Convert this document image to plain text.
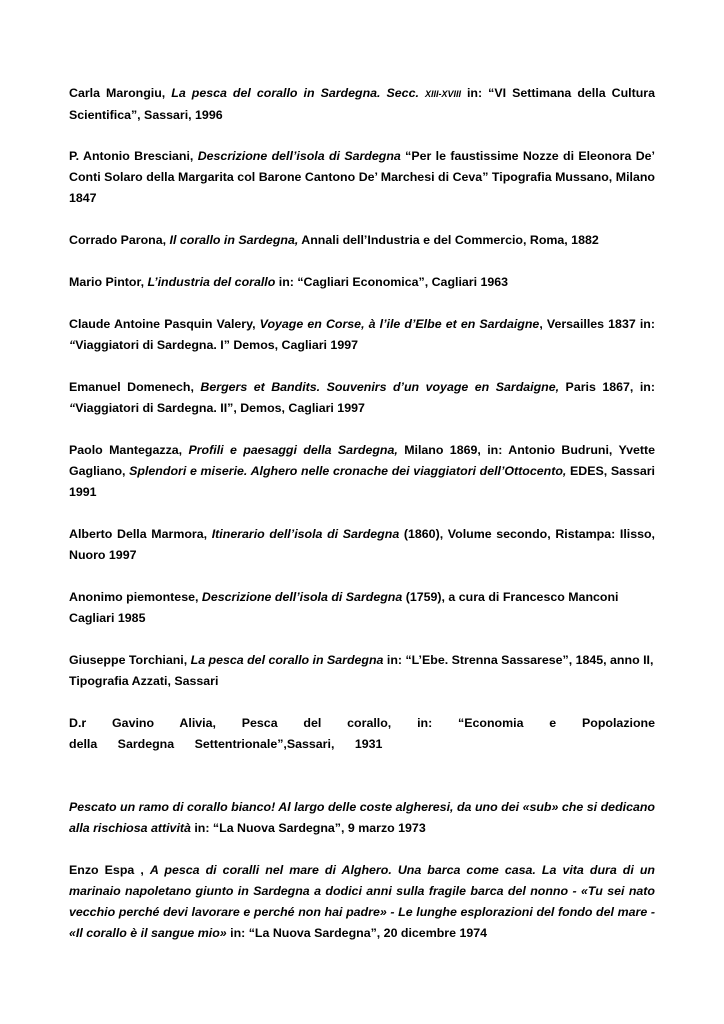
Carla Marongiu, La pesca del corallo in Sardegna. Secc. XIII-XVIII in: “VI Settimana della Cultura Scientifica”, Sassari, 1996
P. Antonio Bresciani, Descrizione dell’isola di Sardegna “Per le faustissime Nozze di Eleonora De’ Conti Solaro della Margarita col Barone Cantono De’ Marchesi di Ceva” Tipografia Mussano, Milano 1847
Corrado Parona, Il corallo in Sardegna, Annali dell’Industria e del Commercio, Roma, 1882
Mario Pintor, L’industria del corallo in: “Cagliari Economica”, Cagliari 1963
Claude Antoine Pasquin Valery, Voyage en Corse, à l’ile d’Elbe et en Sardaigne, Versailles 1837 in: “Viaggiatori di Sardegna. I” Demos, Cagliari 1997
Emanuel Domenech, Bergers et Bandits. Souvenirs d’un voyage en Sardaigne, Paris 1867, in: “Viaggiatori di Sardegna. II”, Demos, Cagliari 1997
Paolo Mantegazza, Profili e paesaggi della Sardegna, Milano 1869, in: Antonio Budruni, Yvette Gagliano, Splendori e miserie. Alghero nelle cronache dei viaggiatori dell’Ottocento, EDES, Sassari 1991
Alberto Della Marmora, Itinerario dell’isola di Sardegna (1860), Volume secondo, Ristampa: Ilisso, Nuoro 1997
Anonimo piemontese, Descrizione dell’isola di Sardegna (1759), a cura di Francesco Manconi
Cagliari 1985
Giuseppe Torchiani, La pesca del corallo in Sardegna in: “L’Ebe. Strenna Sassarese”, 1845, anno II,
Tipografia Azzati, Sassari
D.r Gavino Alivia, Pesca del corallo, in: “Economia e Popolazione della Sardegna Settentrionale”,Sassari, 1931
Pescato un ramo di corallo bianco! Al largo delle coste algheresi, da uno dei «sub» che si dedicano alla rischiosa attività in: “La Nuova Sardegna”, 9 marzo 1973
Enzo Espa , A pesca di coralli nel mare di Alghero. Una barca come casa. La vita dura di un marinaio napoletano giunto in Sardegna a dodici anni sulla fragile barca del nonno - «Tu sei nato vecchio perché devi lavorare e perché non hai padre» - Le lunghe esplorazioni del fondo del mare - «Il corallo è il sangue mio» in: “La Nuova Sardegna”, 20 dicembre 1974
